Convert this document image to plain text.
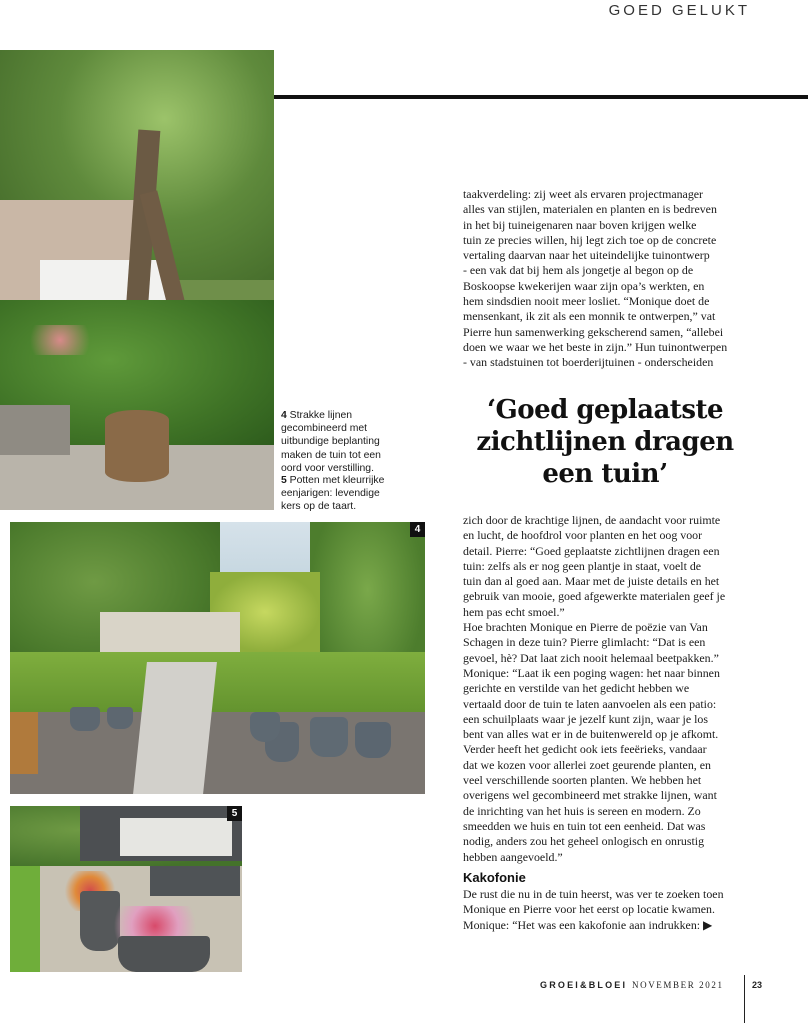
GOED GELUKT
4
5
4 Strakke lijnen gecombineerd met uitbundige beplanting maken de tuin tot een oord voor verstilling.
5 Potten met kleurrijke eenjarigen: levendige kers op de taart.

taakverdeling: zij weet als ervaren projectmanager

alles van stijlen, materialen en planten en is bedreven

in het bij tuineigenaren naar boven krijgen welke

tuin ze precies willen, hij legt zich toe op de concrete

vertaling daarvan naar het uiteindelijke tuinontwerp

- een vak dat bij hem als jongetje al begon op de

Boskoopse kwekerijen waar zijn opa’s werkten, en

hem sindsdien nooit meer losliet. “Monique doet de

mensenkant, ik zit als een monnik te ontwerpen,” vat

Pierre hun samenwerking gekscherend samen, “allebei

doen we waar we het beste in zijn.” Hun tuinontwerpen

- van stadstuinen tot boerderijtuinen - onderscheiden

‘Goed geplaatste
zichtlijnen dragen
een tuin’

zich door de krachtige lijnen, de aandacht voor ruimte

en lucht, de hoofdrol voor planten en het oog voor

detail. Pierre: “Goed geplaatste zichtlijnen dragen een

tuin: zelfs als er nog geen plantje in staat, voelt de

tuin dan al goed aan. Maar met de juiste details en het

gebruik van mooie, goed afgewerkte materialen geef je

hem pas echt smoel.”

Hoe brachten Monique en Pierre de poëzie van Van

Schagen in deze tuin? Pierre glimlacht: “Dat is een

gevoel, hè? Dat laat zich nooit helemaal beetpakken.”

Monique: “Laat ik een poging wagen: het naar binnen

gerichte en verstilde van het gedicht hebben we

vertaald door de tuin te laten aanvoelen als een patio:

een schuilplaats waar je jezelf kunt zijn, waar je los

bent van alles wat er in de buitenwereld op je afkomt.

Verder heeft het gedicht ook iets feeërieks, vandaar

dat we kozen voor allerlei zoet geurende planten, en

veel verschillende soorten planten. We hebben het

overigens wel gecombineerd met strakke lijnen, want

de inrichting van het huis is sereen en modern. Zo

smeedden we huis en tuin tot een eenheid. Dat was

nodig, anders zou het geheel onlogisch en onrustig

hebben aangevoeld.”

Kakofonie

De rust die nu in de tuin heerst, was ver te zoeken toen

Monique en Pierre voor het eerst op locatie kwamen.

Monique: “Het was een kakofonie aan indrukken: ▶

GROEI&BLOEI NOVEMBER 2021	23
